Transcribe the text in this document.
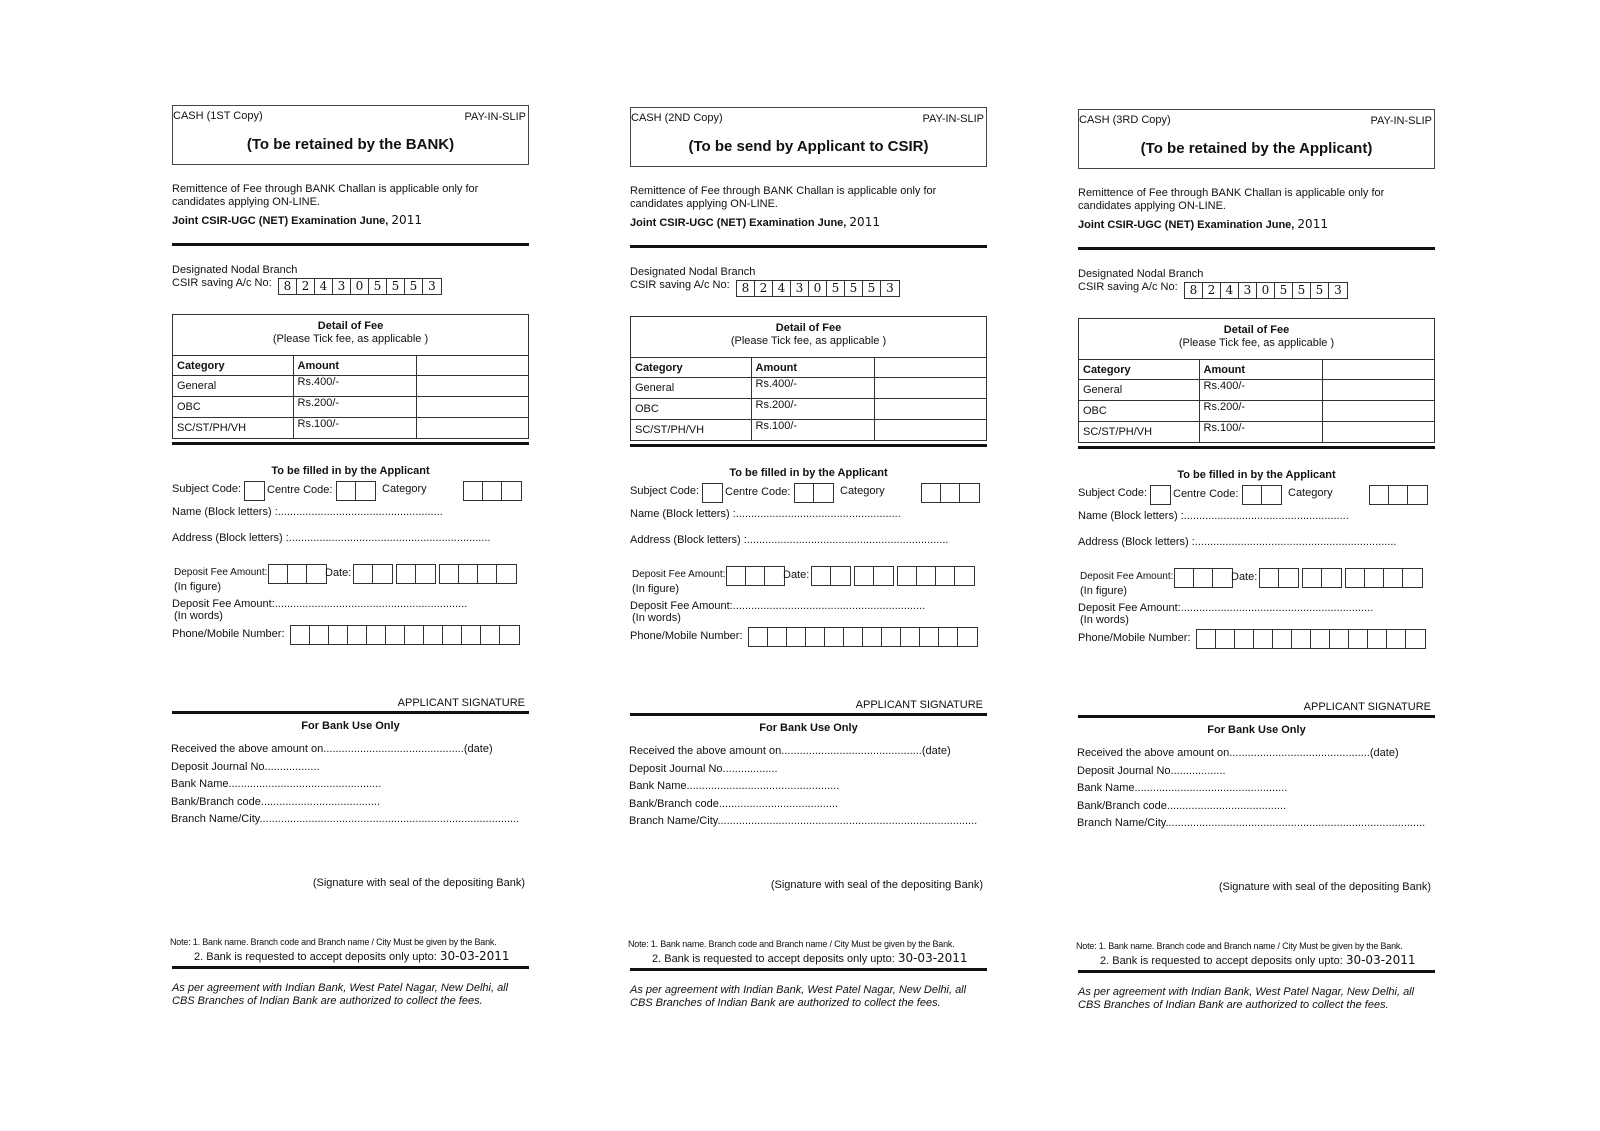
CASH (1ST Copy)	PAY-IN-SLIP
(To be retained by the BANK)
Remittence of Fee through BANK Challan is applicable only for
candidates applying ON-LINE.
Joint CSIR-UGC (NET) Examination June, 2011
Designated Nodal Branch
CSIR saving A/c No:	8 2 4 3 0 5 5 5 3
Detail of Fee
(Please Tick fee, as applicable )
Category	Amount	
General	Rs.400/-	
OBC	Rs.200/-	
SC/ST/PH/VH	Rs.100/-	
To be filled in by the Applicant
Subject Code: Centre Code:	Category
Name (Block letters) :......................................................
Address (Block letters) :..................................................................
Deposit Fee Amount:	Date:
(In figure)
Deposit Fee Amount:...............................................................
(In words)
Phone/Mobile Number:
APPLICANT SIGNATURE
For Bank Use Only
Received the above amount on..............................................(date)
Deposit Journal No..................
Bank Name..................................................
Bank/Branch code.......................................
Branch Name/City.....................................................................................
(Signature with seal of the depositing Bank)
Note: 1. Bank name. Branch code and Branch name / City Must be given by the Bank.
2. Bank is requested to accept deposits only upto: 30-03-2011
As per agreement with Indian Bank, West Patel Nagar, New Delhi, all
CBS Branches of Indian Bank are authorized to collect the fees.
CASH (2ND Copy)	PAY-IN-SLIP
(To be send by Applicant to CSIR)
Remittence of Fee through BANK Challan is applicable only for
candidates applying ON-LINE.
Joint CSIR-UGC (NET) Examination June, 2011
Designated Nodal Branch
CSIR saving A/c No:	8 2 4 3 0 5 5 5 3
Detail of Fee
(Please Tick fee, as applicable )
Category	Amount	
General	Rs.400/-	
OBC	Rs.200/-	
SC/ST/PH/VH	Rs.100/-	
To be filled in by the Applicant
Subject Code: Centre Code:	Category
Name (Block letters) :......................................................
Address (Block letters) :..................................................................
Deposit Fee Amount:	Date:
(In figure)
Deposit Fee Amount:...............................................................
(In words)
Phone/Mobile Number:
APPLICANT SIGNATURE
For Bank Use Only
Received the above amount on..............................................(date)
Deposit Journal No..................
Bank Name..................................................
Bank/Branch code.......................................
Branch Name/City.....................................................................................
(Signature with seal of the depositing Bank)
Note: 1. Bank name. Branch code and Branch name / City Must be given by the Bank.
2. Bank is requested to accept deposits only upto: 30-03-2011
As per agreement with Indian Bank, West Patel Nagar, New Delhi, all
CBS Branches of Indian Bank are authorized to collect the fees.
CASH (3RD Copy)	PAY-IN-SLIP
(To be retained by the Applicant)
Remittence of Fee through BANK Challan is applicable only for
candidates applying ON-LINE.
Joint CSIR-UGC (NET) Examination June, 2011
Designated Nodal Branch
CSIR saving A/c No:	8 2 4 3 0 5 5 5 3
Detail of Fee
(Please Tick fee, as applicable )
Category	Amount	
General	Rs.400/-	
OBC	Rs.200/-	
SC/ST/PH/VH	Rs.100/-	
To be filled in by the Applicant
Subject Code: Centre Code:	Category
Name (Block letters) :......................................................
Address (Block letters) :..................................................................
Deposit Fee Amount:	Date:
(In figure)
Deposit Fee Amount:...............................................................
(In words)
Phone/Mobile Number:
APPLICANT SIGNATURE
For Bank Use Only
Received the above amount on..............................................(date)
Deposit Journal No..................
Bank Name..................................................
Bank/Branch code.......................................
Branch Name/City.....................................................................................
(Signature with seal of the depositing Bank)
Note: 1. Bank name. Branch code and Branch name / City Must be given by the Bank.
2. Bank is requested to accept deposits only upto: 30-03-2011
As per agreement with Indian Bank, West Patel Nagar, New Delhi, all
CBS Branches of Indian Bank are authorized to collect the fees.
